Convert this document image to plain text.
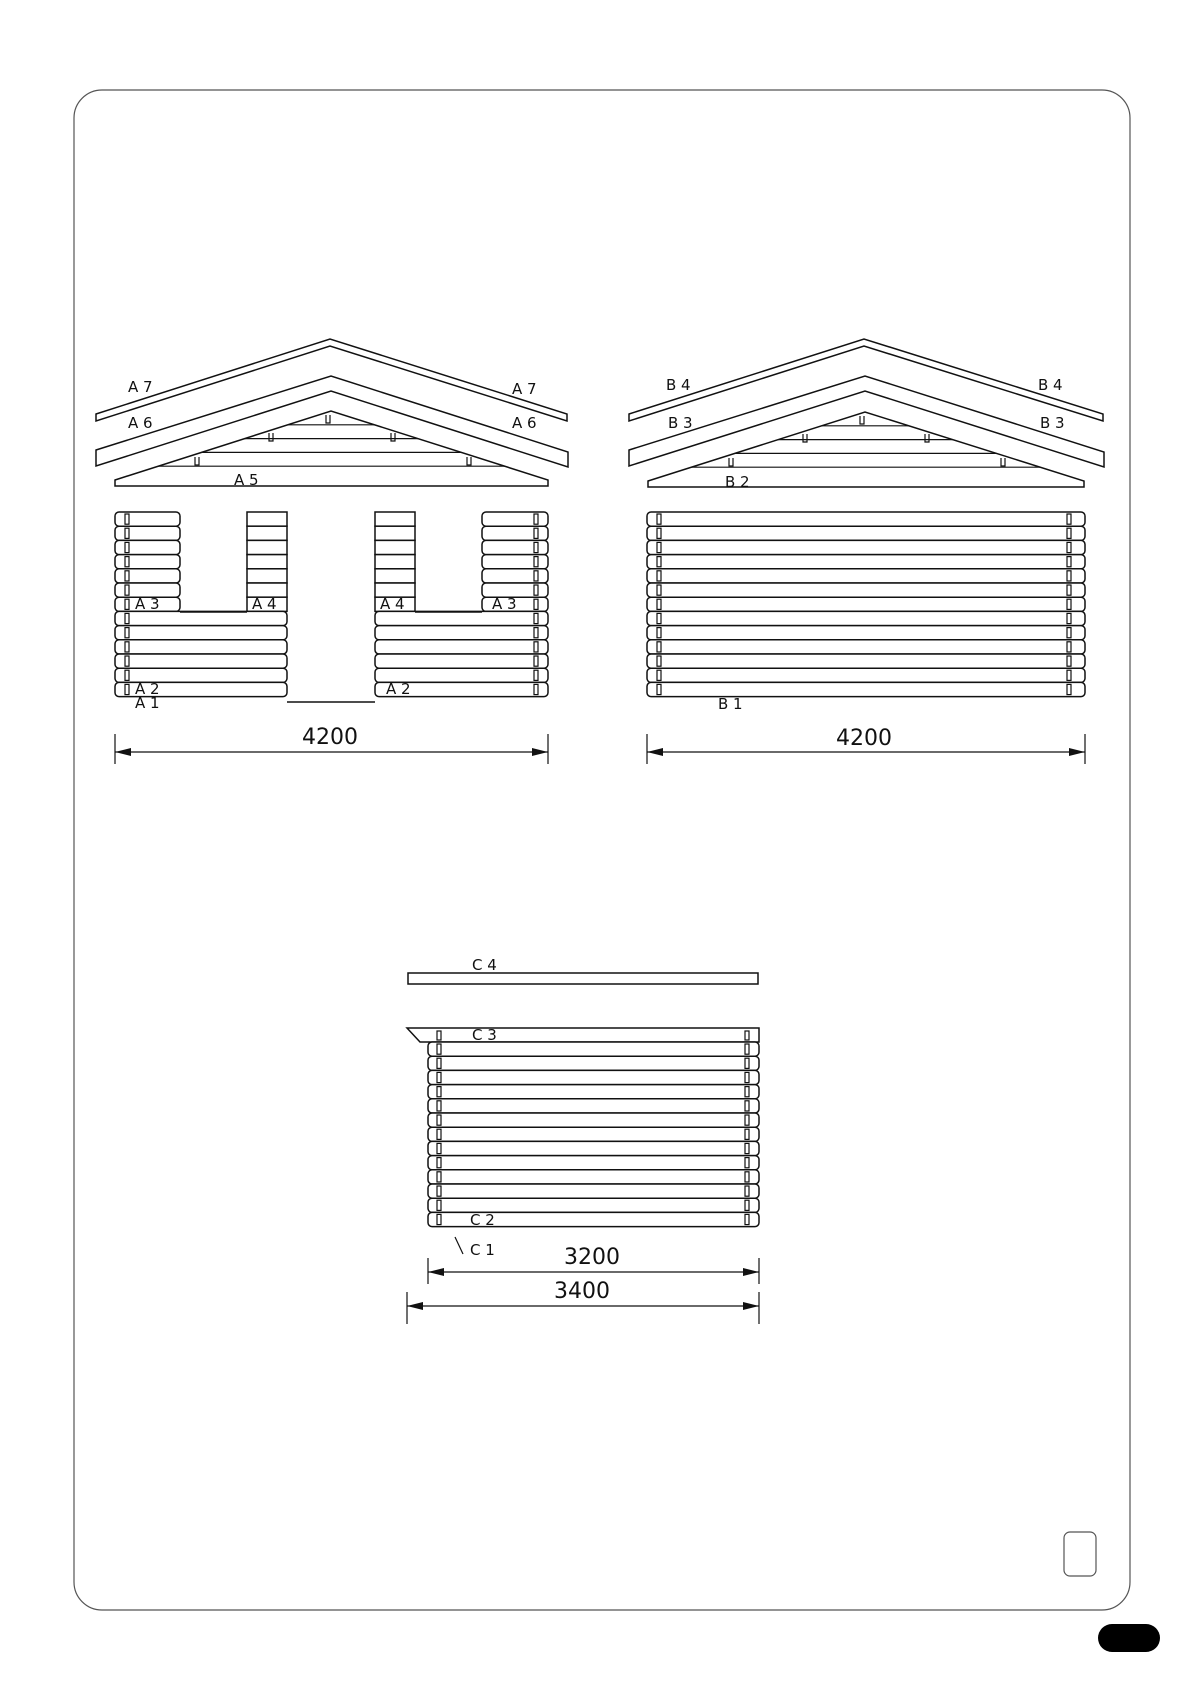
A 7	A 7
A 6	A 6
A 5
A 3	A 4	A 4	A 3
A 2
A 1
A 2
4200
B 4	B 4
B 3	B 3
B 2
B 1
4200
C 4
C 3
C 2
C 1	3200
3400
